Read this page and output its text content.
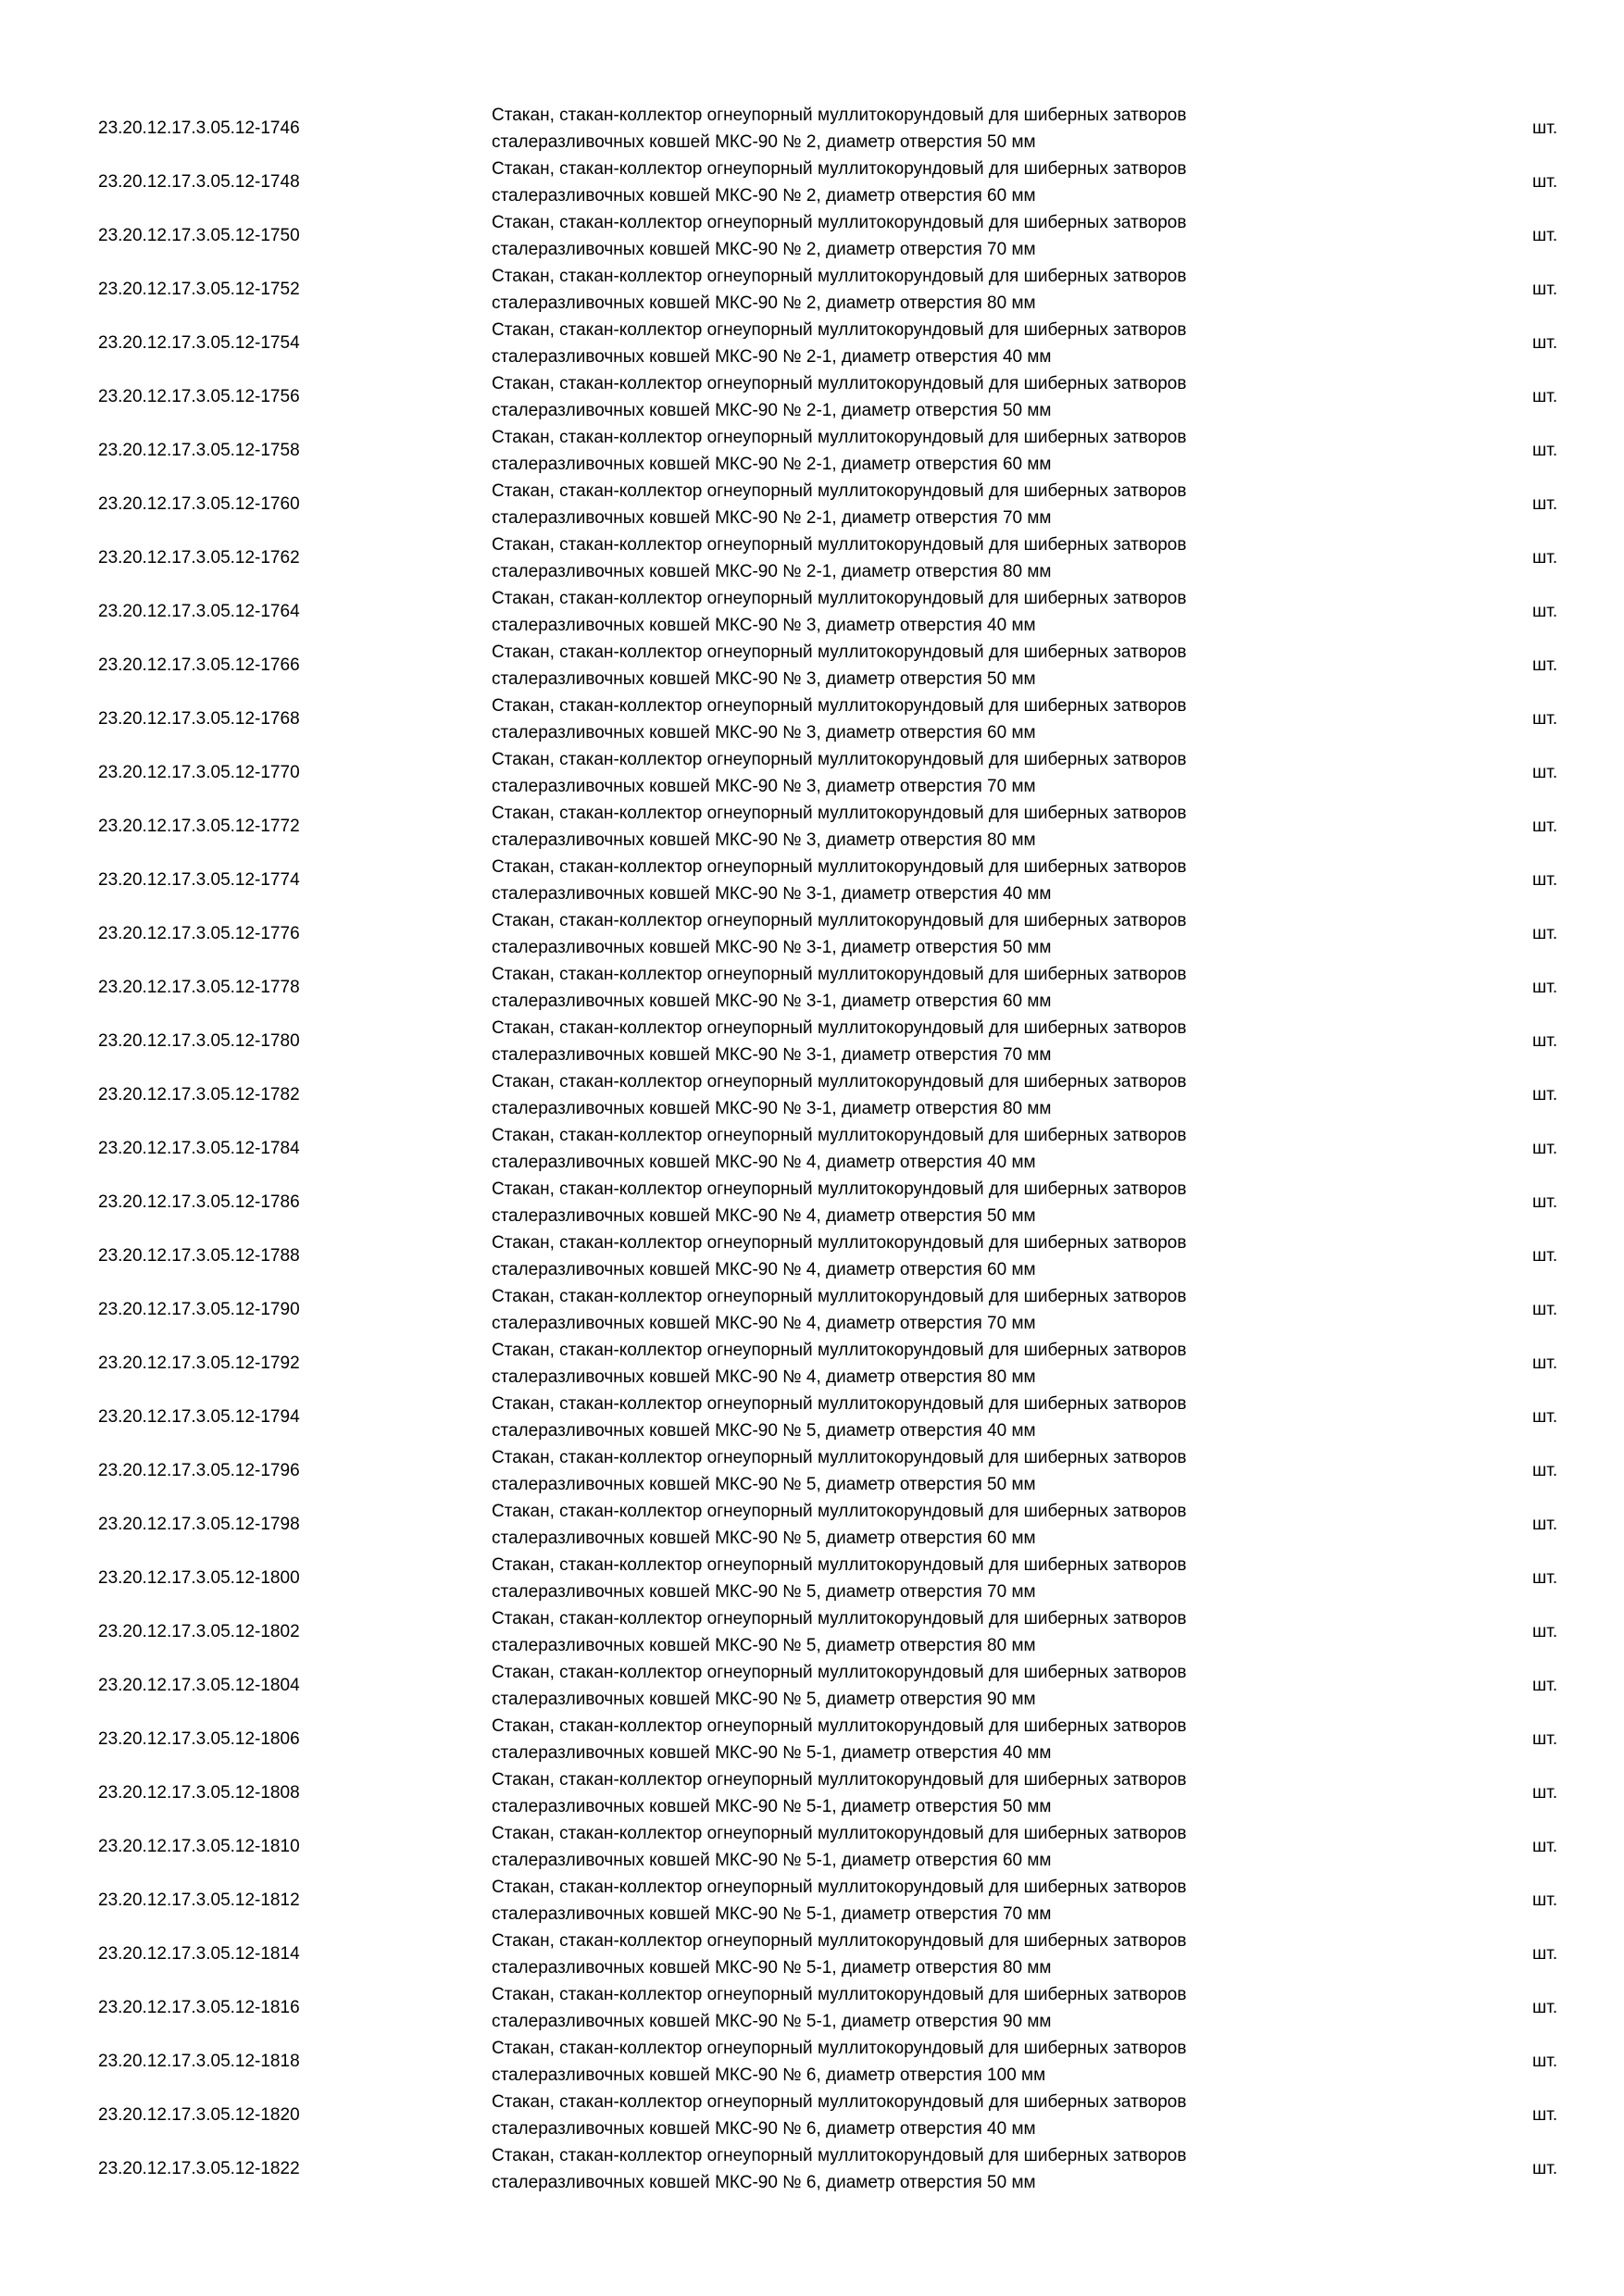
23.20.12.17.3.05.12-1746
Стакан, стакан-коллектор огнеупорный муллитокорундовый для шиберных затворов
сталеразливочных ковшей МКС-90 № 2, диаметр отверстия 50 мм
шт.
23.20.12.17.3.05.12-1748
Стакан, стакан-коллектор огнеупорный муллитокорундовый для шиберных затворов
сталеразливочных ковшей МКС-90 № 2, диаметр отверстия 60 мм
шт.
23.20.12.17.3.05.12-1750
Стакан, стакан-коллектор огнеупорный муллитокорундовый для шиберных затворов
сталеразливочных ковшей МКС-90 № 2, диаметр отверстия 70 мм
шт.
23.20.12.17.3.05.12-1752
Стакан, стакан-коллектор огнеупорный муллитокорундовый для шиберных затворов
сталеразливочных ковшей МКС-90 № 2, диаметр отверстия 80 мм
шт.
23.20.12.17.3.05.12-1754
Стакан, стакан-коллектор огнеупорный муллитокорундовый для шиберных затворов
сталеразливочных ковшей МКС-90 № 2-1, диаметр отверстия 40 мм
шт.
23.20.12.17.3.05.12-1756
Стакан, стакан-коллектор огнеупорный муллитокорундовый для шиберных затворов
сталеразливочных ковшей МКС-90 № 2-1, диаметр отверстия 50 мм
шт.
23.20.12.17.3.05.12-1758
Стакан, стакан-коллектор огнеупорный муллитокорундовый для шиберных затворов
сталеразливочных ковшей МКС-90 № 2-1, диаметр отверстия 60 мм
шт.
23.20.12.17.3.05.12-1760
Стакан, стакан-коллектор огнеупорный муллитокорундовый для шиберных затворов
сталеразливочных ковшей МКС-90 № 2-1, диаметр отверстия 70 мм
шт.
23.20.12.17.3.05.12-1762
Стакан, стакан-коллектор огнеупорный муллитокорундовый для шиберных затворов
сталеразливочных ковшей МКС-90 № 2-1, диаметр отверстия 80 мм
шт.
23.20.12.17.3.05.12-1764
Стакан, стакан-коллектор огнеупорный муллитокорундовый для шиберных затворов
сталеразливочных ковшей МКС-90 № 3, диаметр отверстия 40 мм
шт.
23.20.12.17.3.05.12-1766
Стакан, стакан-коллектор огнеупорный муллитокорундовый для шиберных затворов
сталеразливочных ковшей МКС-90 № 3, диаметр отверстия 50 мм
шт.
23.20.12.17.3.05.12-1768
Стакан, стакан-коллектор огнеупорный муллитокорундовый для шиберных затворов
сталеразливочных ковшей МКС-90 № 3, диаметр отверстия 60 мм
шт.
23.20.12.17.3.05.12-1770
Стакан, стакан-коллектор огнеупорный муллитокорундовый для шиберных затворов
сталеразливочных ковшей МКС-90 № 3, диаметр отверстия 70 мм
шт.
23.20.12.17.3.05.12-1772
Стакан, стакан-коллектор огнеупорный муллитокорундовый для шиберных затворов
сталеразливочных ковшей МКС-90 № 3, диаметр отверстия 80 мм
шт.
23.20.12.17.3.05.12-1774
Стакан, стакан-коллектор огнеупорный муллитокорундовый для шиберных затворов
сталеразливочных ковшей МКС-90 № 3-1, диаметр отверстия 40 мм
шт.
23.20.12.17.3.05.12-1776
Стакан, стакан-коллектор огнеупорный муллитокорундовый для шиберных затворов
сталеразливочных ковшей МКС-90 № 3-1, диаметр отверстия 50 мм
шт.
23.20.12.17.3.05.12-1778
Стакан, стакан-коллектор огнеупорный муллитокорундовый для шиберных затворов
сталеразливочных ковшей МКС-90 № 3-1, диаметр отверстия 60 мм
шт.
23.20.12.17.3.05.12-1780
Стакан, стакан-коллектор огнеупорный муллитокорундовый для шиберных затворов
сталеразливочных ковшей МКС-90 № 3-1, диаметр отверстия 70 мм
шт.
23.20.12.17.3.05.12-1782
Стакан, стакан-коллектор огнеупорный муллитокорундовый для шиберных затворов
сталеразливочных ковшей МКС-90 № 3-1, диаметр отверстия 80 мм
шт.
23.20.12.17.3.05.12-1784
Стакан, стакан-коллектор огнеупорный муллитокорундовый для шиберных затворов
сталеразливочных ковшей МКС-90 № 4, диаметр отверстия 40 мм
шт.
23.20.12.17.3.05.12-1786
Стакан, стакан-коллектор огнеупорный муллитокорундовый для шиберных затворов
сталеразливочных ковшей МКС-90 № 4, диаметр отверстия 50 мм
шт.
23.20.12.17.3.05.12-1788
Стакан, стакан-коллектор огнеупорный муллитокорундовый для шиберных затворов
сталеразливочных ковшей МКС-90 № 4, диаметр отверстия 60 мм
шт.
23.20.12.17.3.05.12-1790
Стакан, стакан-коллектор огнеупорный муллитокорундовый для шиберных затворов
сталеразливочных ковшей МКС-90 № 4, диаметр отверстия 70 мм
шт.
23.20.12.17.3.05.12-1792
Стакан, стакан-коллектор огнеупорный муллитокорундовый для шиберных затворов
сталеразливочных ковшей МКС-90 № 4, диаметр отверстия 80 мм
шт.
23.20.12.17.3.05.12-1794
Стакан, стакан-коллектор огнеупорный муллитокорундовый для шиберных затворов
сталеразливочных ковшей МКС-90 № 5, диаметр отверстия 40 мм
шт.
23.20.12.17.3.05.12-1796
Стакан, стакан-коллектор огнеупорный муллитокорундовый для шиберных затворов
сталеразливочных ковшей МКС-90 № 5, диаметр отверстия 50 мм
шт.
23.20.12.17.3.05.12-1798
Стакан, стакан-коллектор огнеупорный муллитокорундовый для шиберных затворов
сталеразливочных ковшей МКС-90 № 5, диаметр отверстия 60 мм
шт.
23.20.12.17.3.05.12-1800
Стакан, стакан-коллектор огнеупорный муллитокорундовый для шиберных затворов
сталеразливочных ковшей МКС-90 № 5, диаметр отверстия 70 мм
шт.
23.20.12.17.3.05.12-1802
Стакан, стакан-коллектор огнеупорный муллитокорундовый для шиберных затворов
сталеразливочных ковшей МКС-90 № 5, диаметр отверстия 80 мм
шт.
23.20.12.17.3.05.12-1804
Стакан, стакан-коллектор огнеупорный муллитокорундовый для шиберных затворов
сталеразливочных ковшей МКС-90 № 5, диаметр отверстия 90 мм
шт.
23.20.12.17.3.05.12-1806
Стакан, стакан-коллектор огнеупорный муллитокорундовый для шиберных затворов
сталеразливочных ковшей МКС-90 № 5-1, диаметр отверстия 40 мм
шт.
23.20.12.17.3.05.12-1808
Стакан, стакан-коллектор огнеупорный муллитокорундовый для шиберных затворов
сталеразливочных ковшей МКС-90 № 5-1, диаметр отверстия 50 мм
шт.
23.20.12.17.3.05.12-1810
Стакан, стакан-коллектор огнеупорный муллитокорундовый для шиберных затворов
сталеразливочных ковшей МКС-90 № 5-1, диаметр отверстия 60 мм
шт.
23.20.12.17.3.05.12-1812
Стакан, стакан-коллектор огнеупорный муллитокорундовый для шиберных затворов
сталеразливочных ковшей МКС-90 № 5-1, диаметр отверстия 70 мм
шт.
23.20.12.17.3.05.12-1814
Стакан, стакан-коллектор огнеупорный муллитокорундовый для шиберных затворов
сталеразливочных ковшей МКС-90 № 5-1, диаметр отверстия 80 мм
шт.
23.20.12.17.3.05.12-1816
Стакан, стакан-коллектор огнеупорный муллитокорундовый для шиберных затворов
сталеразливочных ковшей МКС-90 № 5-1, диаметр отверстия 90 мм
шт.
23.20.12.17.3.05.12-1818
Стакан, стакан-коллектор огнеупорный муллитокорундовый для шиберных затворов
сталеразливочных ковшей МКС-90 № 6, диаметр отверстия 100 мм
шт.
23.20.12.17.3.05.12-1820
Стакан, стакан-коллектор огнеупорный муллитокорундовый для шиберных затворов
сталеразливочных ковшей МКС-90 № 6, диаметр отверстия 40 мм
шт.
23.20.12.17.3.05.12-1822
Стакан, стакан-коллектор огнеупорный муллитокорундовый для шиберных затворов
сталеразливочных ковшей МКС-90 № 6, диаметр отверстия 50 мм
шт.
